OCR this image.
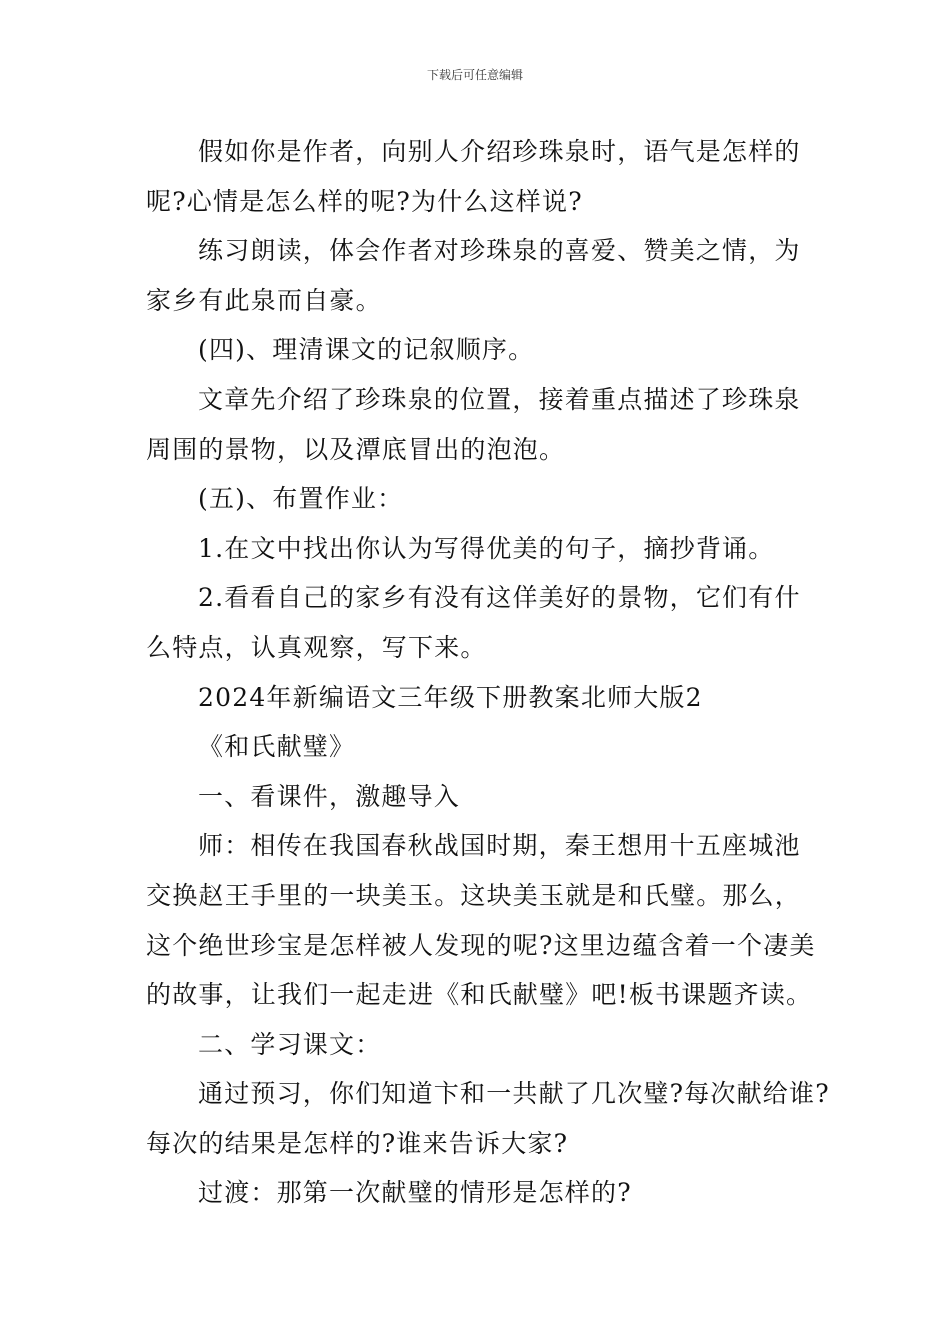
下载后可任意编辑

假如你是作者，向别人介绍珍珠泉时，语气是怎样的
呢?心情是怎么样的呢?为什么这样说?

练习朗读，体会作者对珍珠泉的喜爱、赞美之情，为
家乡有此泉而自豪。

(四)、理清课文的记叙顺序。

文章先介绍了珍珠泉的位置，接着重点描述了珍珠泉
周围的景物，以及潭底冒出的泡泡。

(五)、布置作业：

1.在文中找出你认为写得优美的句子，摘抄背诵。

2.看看自己的家乡有没有这佯美好的景物，它们有什
么特点，认真观察，写下来。

2024年新编语文三年级下册教案北师大版2

《和氏献璧》

一、看课件，激趣导入

师：相传在我国春秋战国时期，秦王想用十五座城池
交换赵王手里的一块美玉。这块美玉就是和氏璧。那么，
这个绝世珍宝是怎样被人发现的呢?这里边蕴含着一个凄美
的故事，让我们一起走进《和氏献璧》吧!板书课题齐读。

二、学习课文：

通过预习，你们知道卞和一共献了几次璧?每次献给谁?
每次的结果是怎样的?谁来告诉大家?

过渡：那第一次献璧的情形是怎样的?
